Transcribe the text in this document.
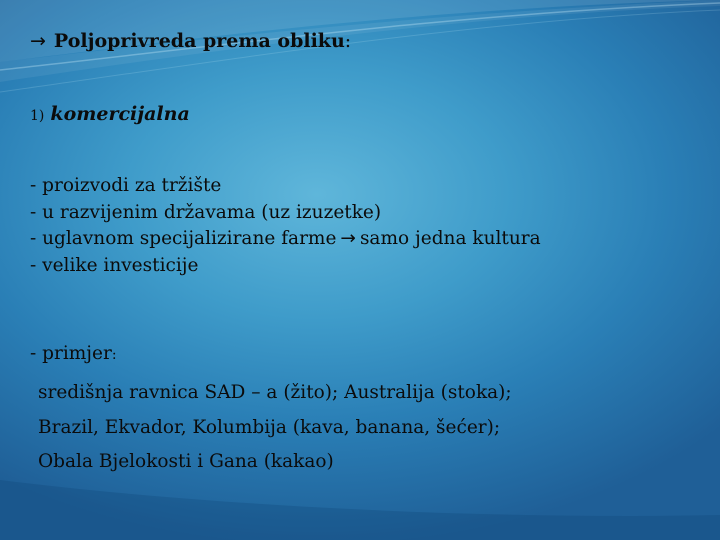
→ Poljoprivreda prema obliku:
1) komercijalna
- proizvodi za tržište
- u razvijenim državama (uz izuzetke)
- uglavnom specijalizirane farme → samo jedna kultura
- velike investicije
- primjer:
središnja ravnica SAD – a (žito); Australija (stoka);
Brazil, Ekvador, Kolumbija (kava, banana, šećer);
Obala Bjelokosti i Gana (kakao)
